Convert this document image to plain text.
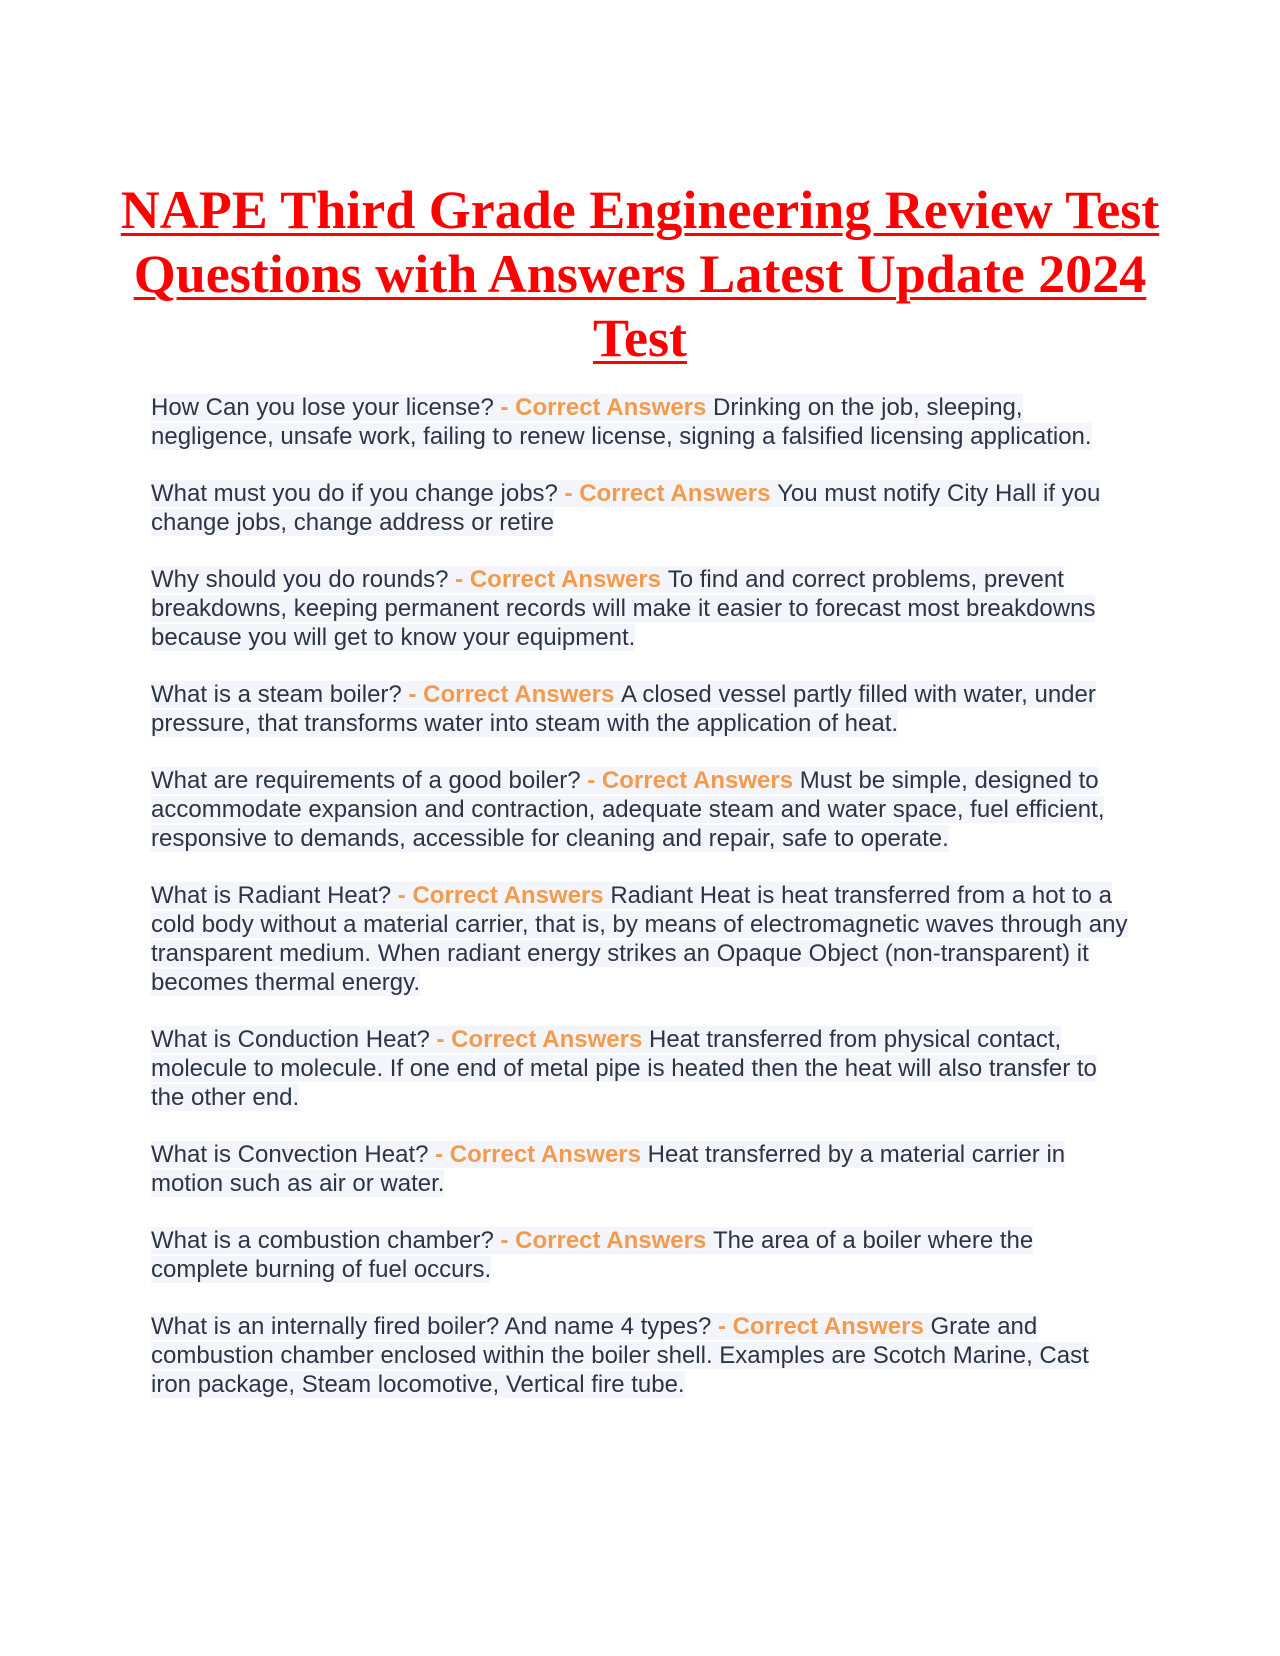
NAPE Third Grade Engineering Review Test Questions with Answers Latest Update 2024 Test

How Can you lose your license? - Correct Answers Drinking on the job, sleeping, negligence, unsafe work, failing to renew license, signing a falsified licensing application.

What must you do if you change jobs? - Correct Answers You must notify City Hall if you change jobs, change address or retire

Why should you do rounds? - Correct Answers To find and correct problems, prevent breakdowns, keeping permanent records will make it easier to forecast most breakdowns because you will get to know your equipment.

What is a steam boiler? - Correct Answers A closed vessel partly filled with water, under pressure, that transforms water into steam with the application of heat.

What are requirements of a good boiler? - Correct Answers Must be simple, designed to accommodate expansion and contraction, adequate steam and water space, fuel efficient, responsive to demands, accessible for cleaning and repair, safe to operate.

What is Radiant Heat? - Correct Answers Radiant Heat is heat transferred from a hot to a cold body without a material carrier, that is, by means of electromagnetic waves through any transparent medium. When radiant energy strikes an Opaque Object (non-transparent) it becomes thermal energy.

What is Conduction Heat? - Correct Answers Heat transferred from physical contact, molecule to molecule. If one end of metal pipe is heated then the heat will also transfer to the other end.

What is Convection Heat? - Correct Answers Heat transferred by a material carrier in motion such as air or water.

What is a combustion chamber? - Correct Answers The area of a boiler where the complete burning of fuel occurs.

What is an internally fired boiler? And name 4 types? - Correct Answers Grate and combustion chamber enclosed within the boiler shell. Examples are Scotch Marine, Cast iron package, Steam locomotive, Vertical fire tube.
